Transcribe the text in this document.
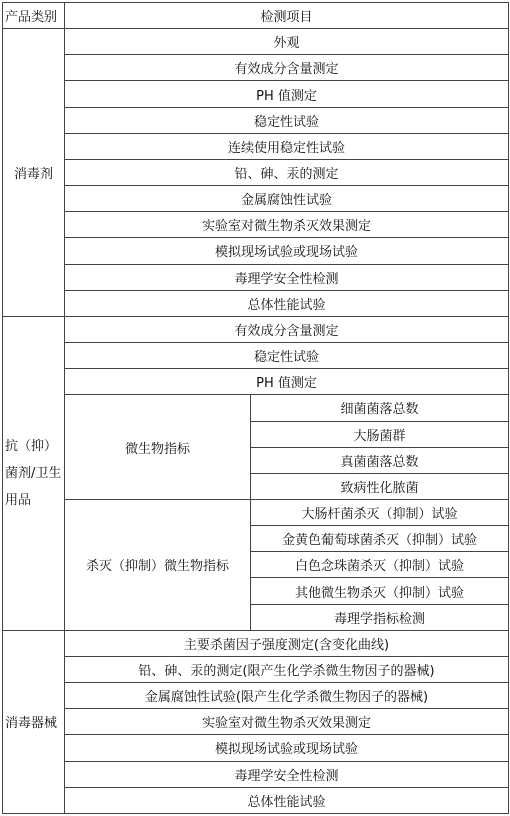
产品类别	检测项目	
消毒剂	外观	
	有效成分含量测定	
	PH 值测定	
	稳定性试验	
	连续使用稳定性试验	
	铅、砷、汞的测定	
	金属腐蚀性试验	
	实验室对微生物杀灭效果测定	
	模拟现场试验或现场试验	
	毒理学安全性检测	
	总体性能试验	
抗（抑）菌剂/卫生用品	有效成分含量测定	
	稳定性试验	
	PH 值测定	
	微生物指标	细菌菌落总数
		大肠菌群
		真菌菌落总数
		致病性化脓菌
	杀灭（抑制）微生物指标	大肠杆菌杀灭（抑制）试验
		金黄色葡萄球菌杀灭（抑制）试验
		白色念珠菌杀灭（抑制）试验
		其他微生物杀灭（抑制）试验
		毒理学指标检测
消毒器械	主要杀菌因子强度测定(含变化曲线)	
	铅、砷、汞的测定(限产生化学杀微生物因子的器械)	
	金属腐蚀性试验(限产生化学杀微生物因子的器械)	
	实验室对微生物杀灭效果测定	
	模拟现场试验或现场试验	
	毒理学安全性检测	
	总体性能试验	
